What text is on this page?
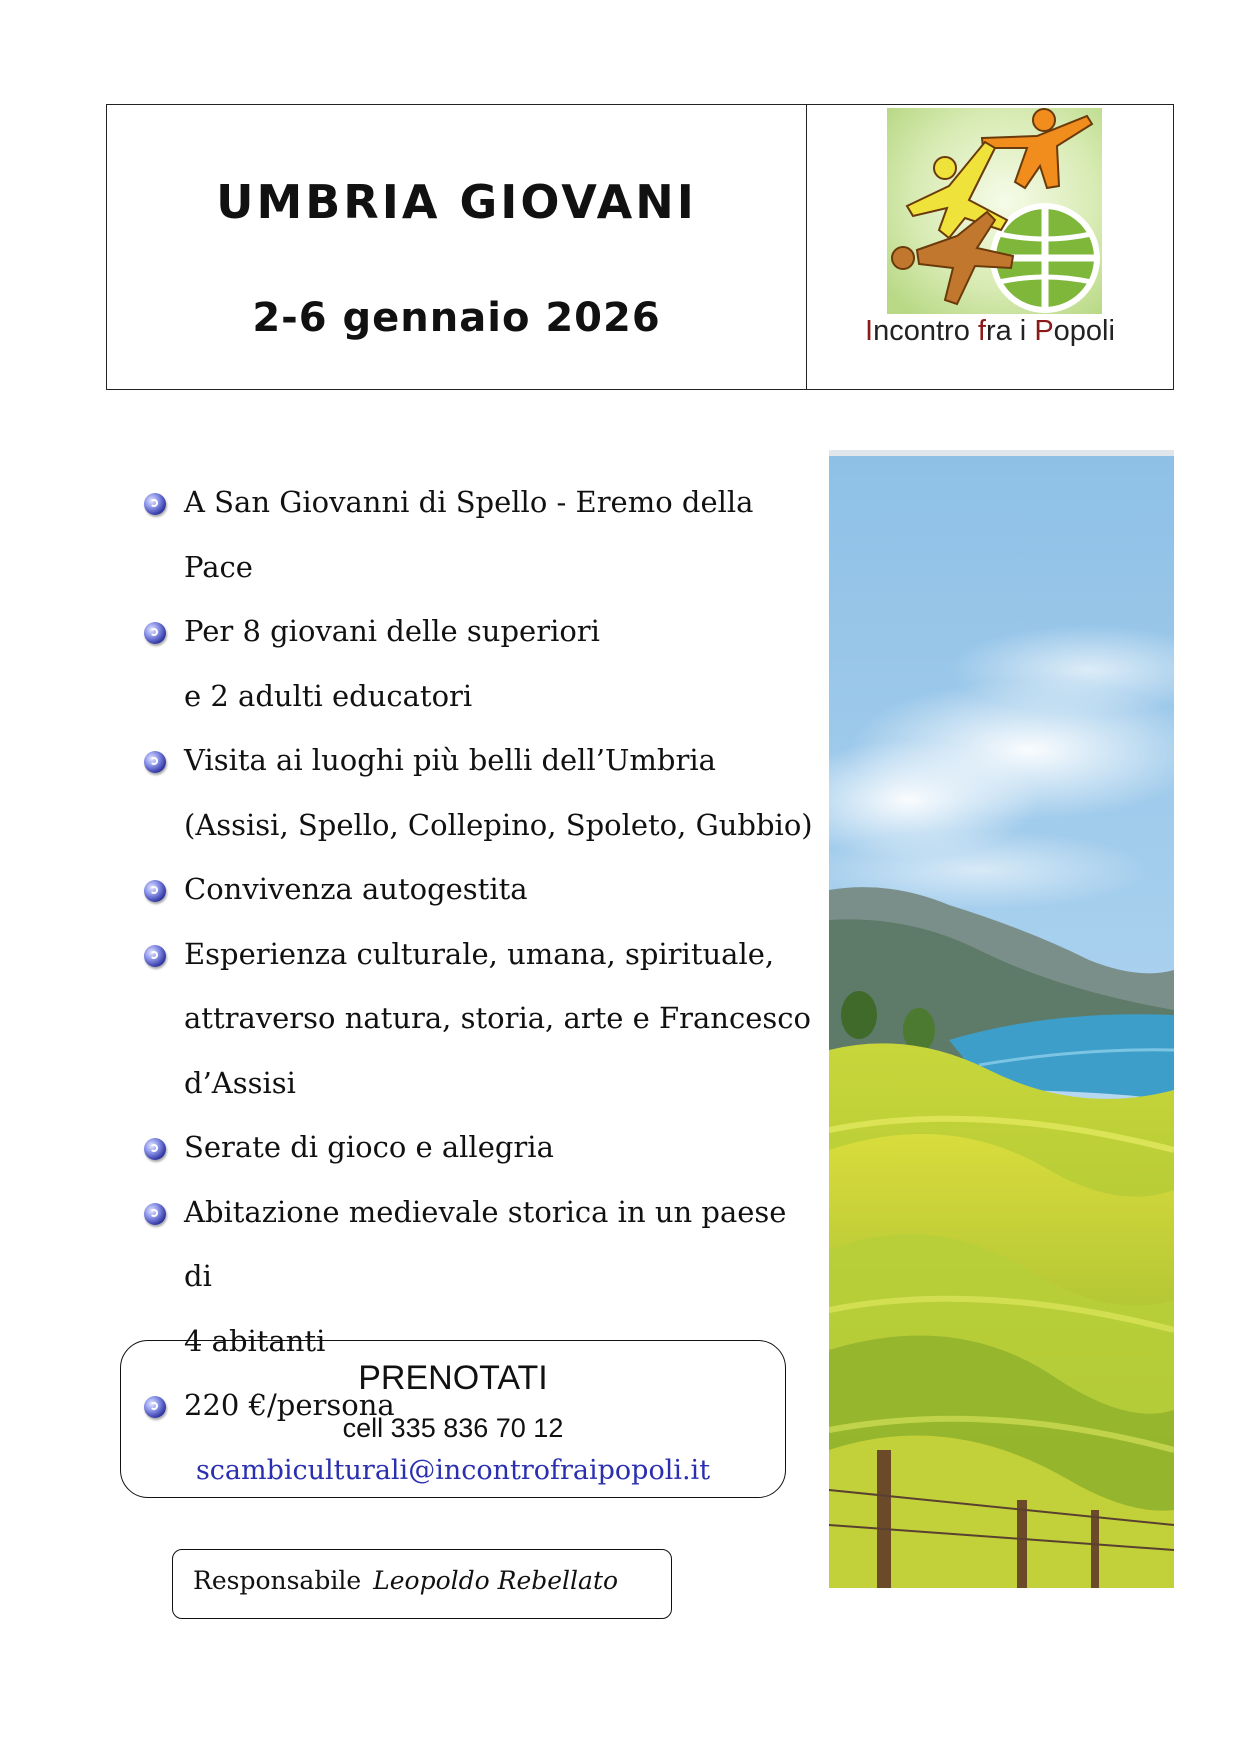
UMBRIA GIOVANI
2-6 gennaio 2026	Incontro fra i Popoli
A San Giovanni di Spello - Eremo della Pace
Per 8 giovani delle superiori
e 2 adulti educatori
Visita ai luoghi più belli dell’Umbria
(Assisi, Spello, Collepino, Spoleto, Gubbio)
Convivenza autogestita
Esperienza culturale, umana, spirituale,
attraverso natura, storia, arte e Francesco
d’Assisi
Serate di gioco e allegria
Abitazione medievale storica in un paese di
4 abitanti
220 €/persona
PRENOTATI
cell 335 836 70 12
scambiculturali@incontrofraipopoli.it
Responsabile Leopoldo Rebellato
